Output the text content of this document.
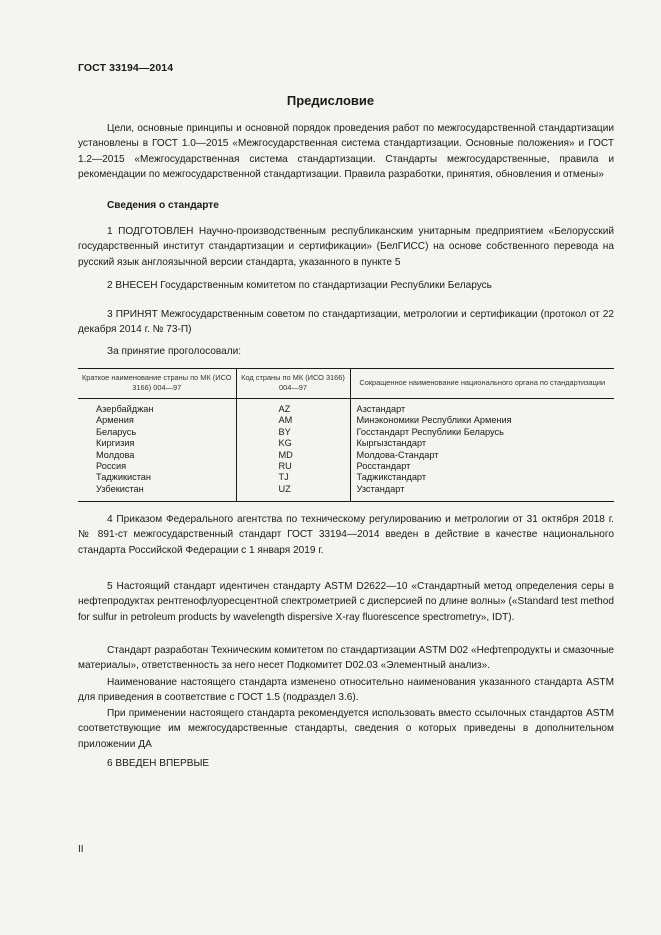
ГОСТ 33194—2014
Предисловие

Цели, основные принципы и основной порядок проведения работ по межгосударственной стандартизации установлены в ГОСТ 1.0—2015 «Межгосударственная система стандартизации. Основные положения» и ГОСТ 1.2—2015 «Межгосударственная система стандартизации. Стандарты межгосударственные, правила и рекомендации по межгосударственной стандартизации. Правила разработки, принятия, обновления и отмены»

Сведения о стандарте

1 ПОДГОТОВЛЕН Научно-производственным республиканским унитарным предприятием «Белорусский государственный институт стандартизации и сертификации» (БелГИСС) на основе собственного перевода на русский язык англоязычной версии стандарта, указанного в пункте 5

2 ВНЕСЕН Государственным комитетом по стандартизации Республики Беларусь

3 ПРИНЯТ Межгосударственным советом по стандартизации, метрологии и сертификации (протокол от 22 декабря 2014 г. № 73-П)

За принятие проголосовали:
Краткое наименование страны по МК (ИСО 3166) 004—97	Код страны по МК (ИСО 3166) 004—97	Сокращенное наименование национального органа по стандартизации
Азербайджан	AZ	Азстандарт
Армения	AM	Минэкономики Республики Армения
Беларусь	BY	Госстандарт Республики Беларусь
Киргизия	KG	Кыргызстандарт
Молдова	MD	Молдова-Стандарт
Россия	RU	Росстандарт
Таджикистан	TJ	Таджикстандарт
Узбекистан	UZ	Узстандарт

4 Приказом Федерального агентства по техническому регулированию и метрологии от 31 октября 2018 г. № 891-ст межгосударственный стандарт ГОСТ 33194—2014 введен в действие в качестве национального стандарта Российской Федерации с 1 января 2019 г.

5 Настоящий стандарт идентичен стандарту ASTM D2622—10 «Стандартный метод определения серы в нефтепродуктах рентгенофлуоресцентной спектрометрией с дисперсией по длине волны» («Standard test method for sulfur in petroleum products by wavelength dispersive X-ray fluorescence spectrometry», IDT).

Стандарт разработан Техническим комитетом по стандартизации ASTM D02 «Нефтепродукты и смазочные материалы», ответственность за него несет Подкомитет D02.03 «Элементный анализ».

Наименование настоящего стандарта изменено относительно наименования указанного стандарта ASTM для приведения в соответствие с ГОСТ 1.5 (подраздел 3.6).

При применении настоящего стандарта рекомендуется использовать вместо ссылочных стандартов ASTM соответствующие им межгосударственные стандарты, сведения о которых приведены в дополнительном приложении ДА

6 ВВЕДЕН ВПЕРВЫЕ

II
